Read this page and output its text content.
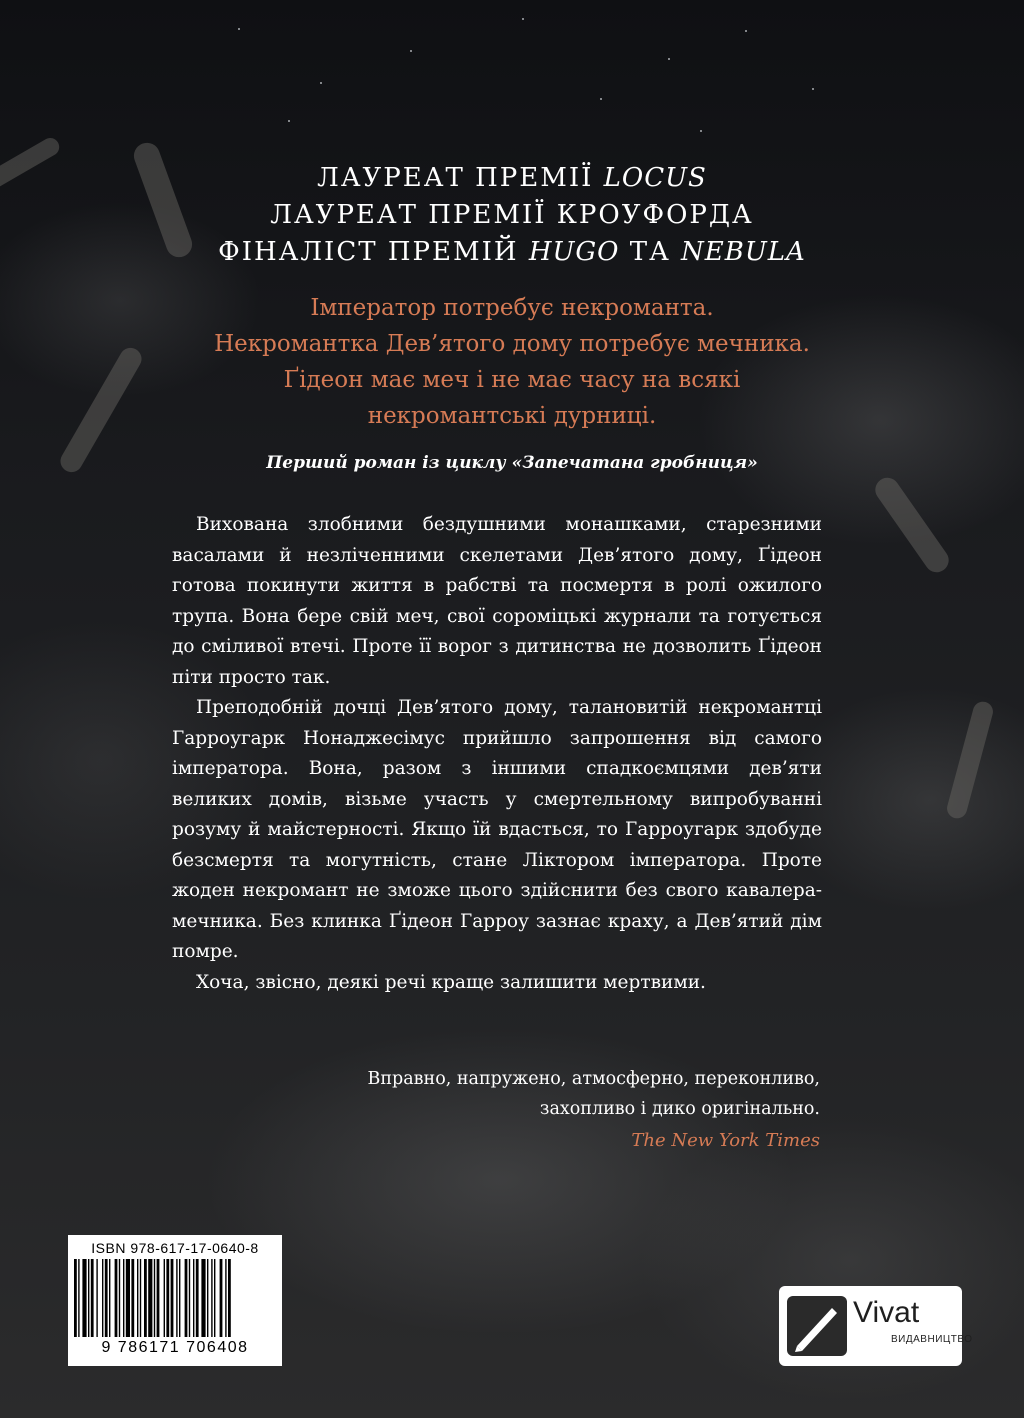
ЛАУРЕАТ ПРЕМІЇ LOCUS
ЛАУРЕАТ ПРЕМІЇ КРОУФОРДА
ФІНАЛІСТ ПРЕМІЙ HUGO ТА NEBULA
Імператор потребує некроманта.
Некромантка Дев’ятого дому потребує мечника.
Ґідеон має меч і не має часу на всякі
некромантські дурниці.
Перший роман із циклу «Запечатана гробниця»

Вихована злобними бездушними монашками, старезними васалами й незліченними скелетами Дев’ятого дому, Ґідеон готова покинути життя в рабстві та посмертя в ролі ожилого трупа. Вона бере свій меч, свої сороміцькі журнали та готується до сміливої втечі. Проте її ворог з дитинства не дозволить Ґідеон піти просто так.

Преподобній дочці Дев’ятого дому, талановитій некромантці Гарроугарк Нонаджесімус прийшло запрошення від самого імператора. Вона, разом з іншими спадкоємцями дев’яти великих домів, візьме участь у смертельному випробуванні розуму й майстерності. Якщо їй вдасться, то Гарроугарк здобуде безсмертя та могутність, стане Ліктором імператора. Проте жоден некромант не зможе цього здійснити без свого кавалера-мечника. Без клинка Ґідеон Гарроу зазнає краху, а Дев’ятий дім помре.

Хоча, звісно, деякі речі краще залишити мертвими.

Вправно, напружено, атмосферно, переконливо,
захопливо і дико оригінально.
The New York Times
ISBN 978-617-17-0640-8
9 786171 706408
Vivat
ВИДАВНИЦТВО
